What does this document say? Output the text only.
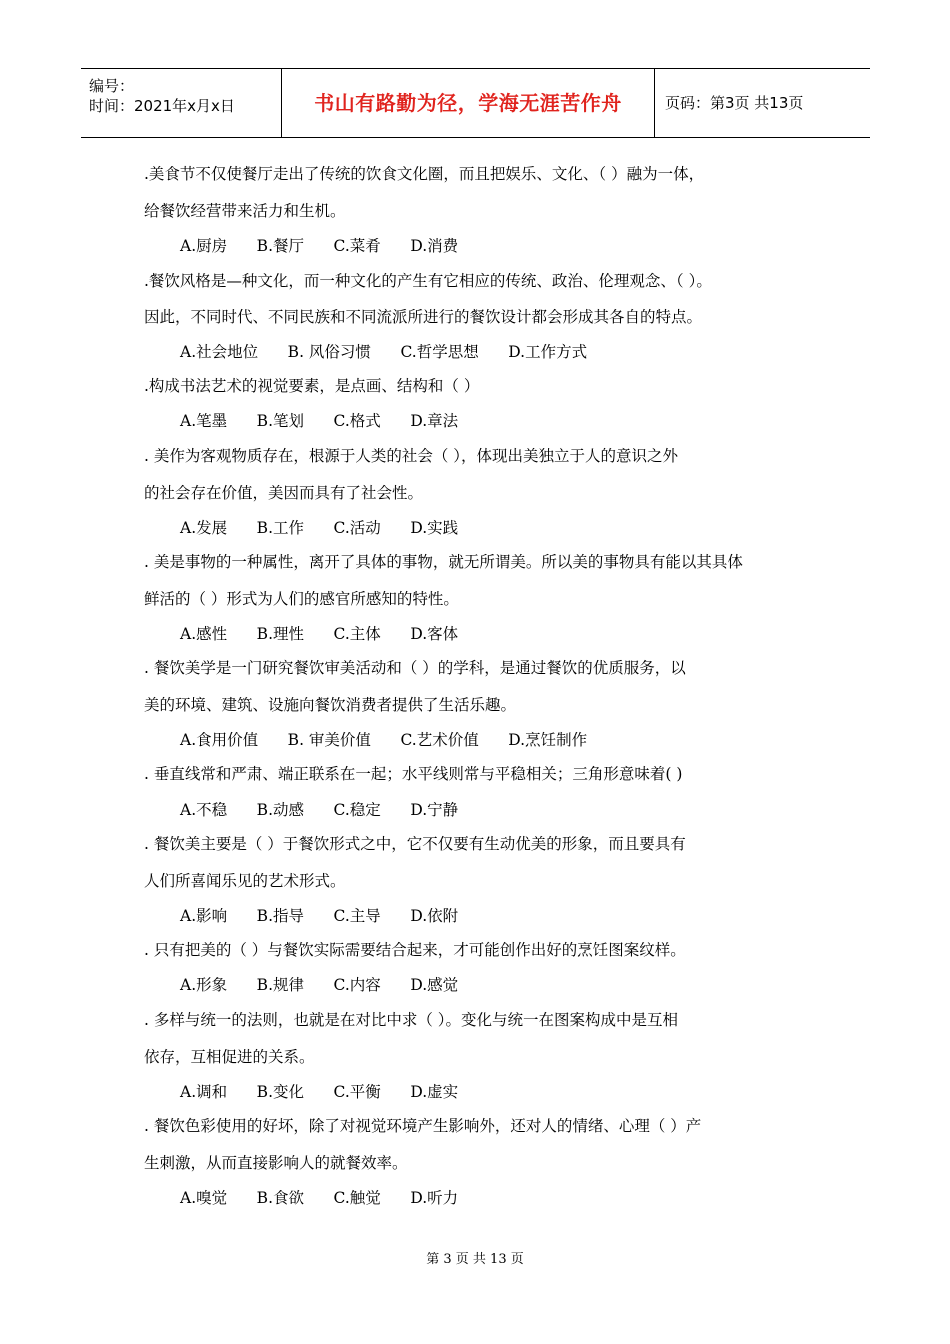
编号：
时间：2021年x月x日	书山有路勤为径，学海无涯苦作舟	页码：第3页 共13页
.美食节不仅使餐厅走出了传统的饮食文化圈，而且把娱乐、文化、（ ）融为一体，
给餐饮经营带来活力和生机。
A.厨房      B.餐厅      C.菜肴      D.消费
.餐饮风格是—种文化，而一种文化的产生有它相应的传统、政治、伦理观念、（ ）。
因此，不同时代、不同民族和不同流派所进行的餐饮设计都会形成其各自的特点。
A.社会地位      B. 风俗习惯      C.哲学思想      D.工作方式
.构成书法艺术的视觉要素，是点画、结构和（ ）
A.笔墨      B.笔划      C.格式      D.章法
. 美作为客观物质存在，根源于人类的社会（ ），体现出美独立于人的意识之外
的社会存在价值，美因而具有了社会性。
A.发展      B.工作      C.活动      D.实践
. 美是事物的一种属性，离开了具体的事物，就无所谓美。所以美的事物具有能以其具体
鲜活的（ ）形式为人们的感官所感知的特性。
A.感性      B.理性      C.主体      D.客体
. 餐饮美学是一门研究餐饮审美活动和（ ）的学科，是通过餐饮的优质服务，以
美的环境、建筑、设施向餐饮消费者提供了生活乐趣。
A.食用价值      B. 审美价值      C.艺术价值      D.烹饪制作
. 垂直线常和严肃、端正联系在一起；水平线则常与平稳相关；三角形意味着( )
A.不稳      B.动感      C.稳定      D.宁静
. 餐饮美主要是（ ）于餐饮形式之中，它不仅要有生动优美的形象，而且要具有
人们所喜闻乐见的艺术形式。
A.影响      B.指导      C.主导      D.依附
. 只有把美的（ ）与餐饮实际需要结合起来，才可能创作出好的烹饪图案纹样。
A.形象      B.规律      C.内容      D.感觉
. 多样与统一的法则，也就是在对比中求（ ）。变化与统一在图案构成中是互相
依存，互相促进的关系。
A.调和      B.变化      C.平衡      D.虚实
. 餐饮色彩使用的好坏，除了对视觉环境产生影响外，还对人的情绪、心理（ ）产
生刺激，从而直接影响人的就餐效率。
A.嗅觉      B.食欲      C.触觉      D.听力
第 3 页 共 13 页
